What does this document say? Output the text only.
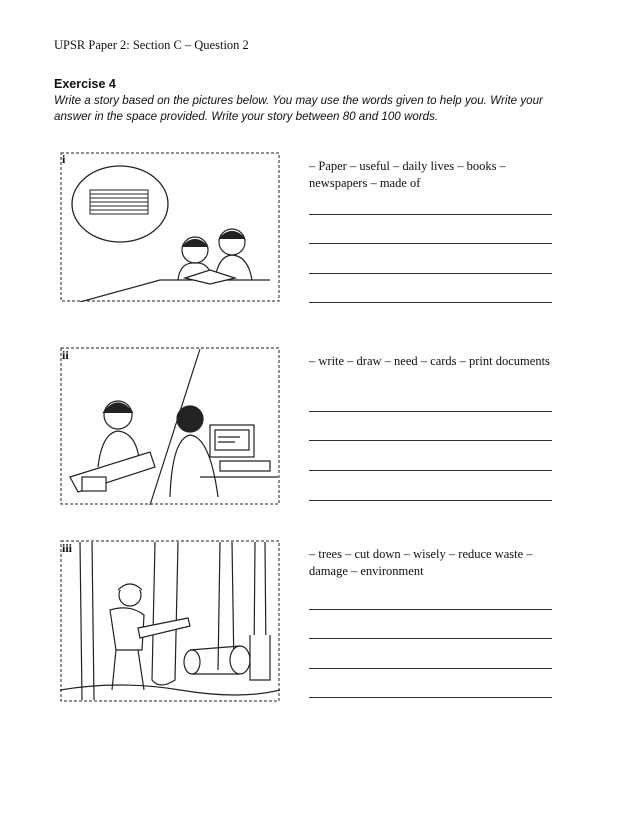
UPSR Paper 2: Section C – Question 2
Exercise 4
Write a story based on the pictures below. You may use the words given to help you. Write your answer in the space provided. Write your story between 80 and 100 words.
i	– Paper – useful – daily lives – books – newspapers – made of
ii	– write – draw – need – cards – print documents
iii	– trees – cut down – wisely – reduce waste – damage – environment
